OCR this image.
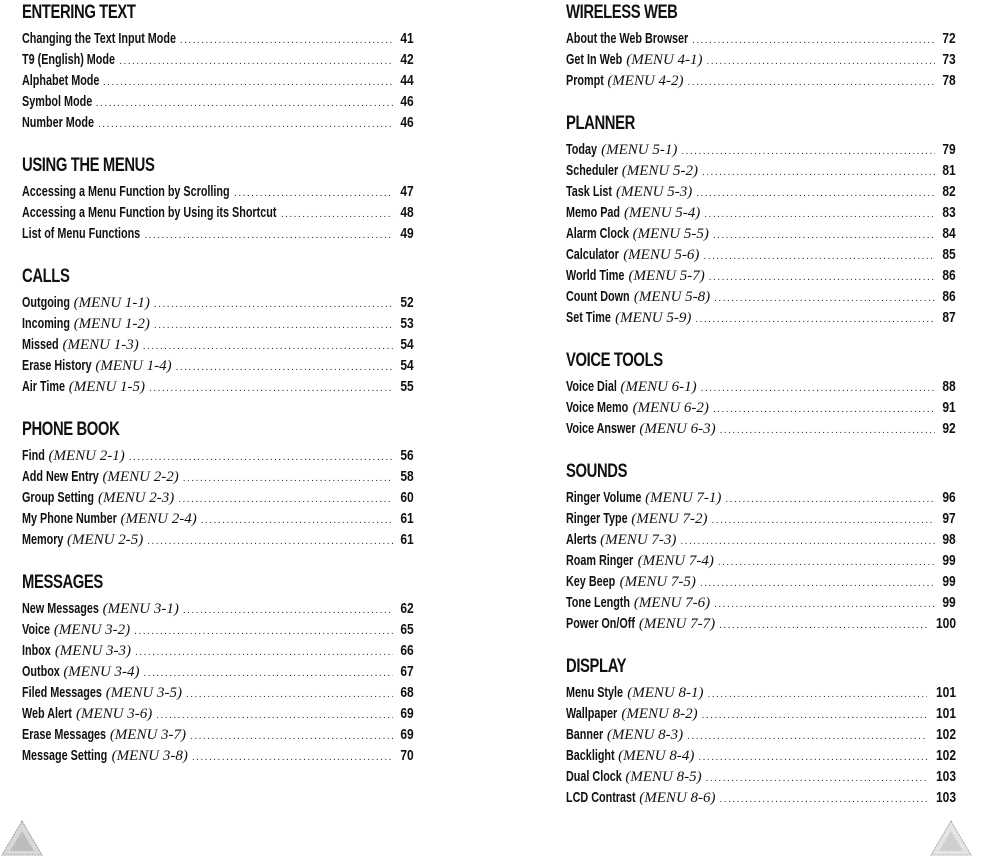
ENTERING TEXT
Changing the Text Input Mode .....	41
T9 (English) Mode .....	42
Alphabet Mode .....	44
Symbol Mode .....	46
Number Mode .....	46
USING THE MENUS
Accessing a Menu Function by Scrolling .....	47
Accessing a Menu Function by Using its Shortcut .....	48
List of Menu Functions .....	49
CALLS
Outgoing (MENU 1-1) .....	52
Incoming (MENU 1-2) .....	53
Missed (MENU 1-3) .....	54
Erase History (MENU 1-4) .....	54
Air Time (MENU 1-5) .....	55
PHONE BOOK
Find (MENU 2-1) .....	56
Add New Entry (MENU 2-2) .....	58
Group Setting (MENU 2-3) .....	60
My Phone Number (MENU 2-4) .....	61
Memory (MENU 2-5) .....	61
MESSAGES
New Messages (MENU 3-1) .....	62
Voice (MENU 3-2) .....	65
Inbox (MENU 3-3) .....	66
Outbox (MENU 3-4) .....	67
Filed Messages (MENU 3-5) .....	68
Web Alert (MENU 3-6) .....	69
Erase Messages (MENU 3-7) .....	69
Message Setting (MENU 3-8) .....	70
WIRELESS WEB
About the Web Browser .....	72
Get In Web (MENU 4-1) .....	73
Prompt (MENU 4-2) .....	78
PLANNER
Today (MENU 5-1) .....	79
Scheduler (MENU 5-2) .....	81
Task List (MENU 5-3) .....	82
Memo Pad (MENU 5-4) .....	83
Alarm Clock (MENU 5-5) .....	84
Calculator (MENU 5-6) .....	85
World Time (MENU 5-7) .....	86
Count Down (MENU 5-8) .....	86
Set Time (MENU 5-9) .....	87
VOICE TOOLS
Voice Dial (MENU 6-1) .....	88
Voice Memo (MENU 6-2) .....	91
Voice Answer (MENU 6-3) .....	92
SOUNDS
Ringer Volume (MENU 7-1) .....	96
Ringer Type (MENU 7-2) .....	97
Alerts (MENU 7-3) .....	98
Roam Ringer (MENU 7-4) .....	99
Key Beep (MENU 7-5) .....	99
Tone Length (MENU 7-6) .....	99
Power On/Off (MENU 7-7) .....	100
DISPLAY
Menu Style (MENU 8-1) .....	101
Wallpaper (MENU 8-2) .....	101
Banner (MENU 8-3) .....	102
Backlight (MENU 8-4) .....	102
Dual Clock (MENU 8-5) .....	103
LCD Contrast (MENU 8-6) .....	103
